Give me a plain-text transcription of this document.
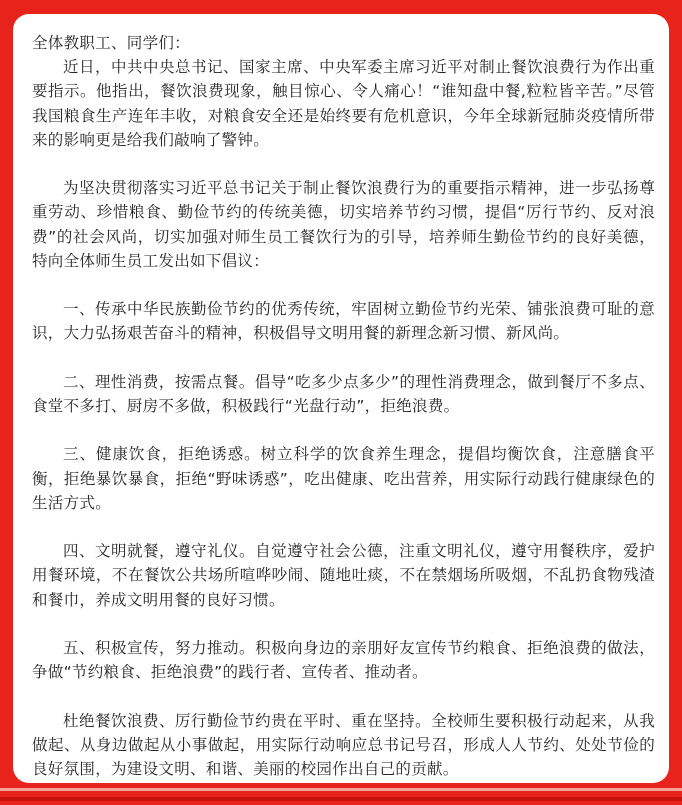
全体教职工、同学们：

近日，中共中央总书记、国家主席、中央军委主席习近平对制止餐饮浪费行为作出重要指示。他指出，餐饮浪费现象，触目惊心、令人痛心！“谁知盘中餐,粒粒皆辛苦。”尽管我国粮食生产连年丰收，对粮食安全还是始终要有危机意识，今年全球新冠肺炎疫情所带来的影响更是给我们敲响了警钟。

为坚决贯彻落实习近平总书记关于制止餐饮浪费行为的重要指示精神，进一步弘扬尊重劳动、珍惜粮食、勤俭节约的传统美德，切实培养节约习惯，提倡“厉行节约、反对浪费”的社会风尚，切实加强对师生员工餐饮行为的引导，培养师生勤俭节约的良好美德，特向全体师生员工发出如下倡议：

一、传承中华民族勤俭节约的优秀传统，牢固树立勤俭节约光荣、铺张浪费可耻的意识，大力弘扬艰苦奋斗的精神，积极倡导文明用餐的新理念新习惯、新风尚。

二、理性消费，按需点餐。倡导“吃多少点多少”的理性消费理念，做到餐厅不多点、食堂不多打、厨房不多做，积极践行“光盘行动”，拒绝浪费。

三、健康饮食，拒绝诱惑。树立科学的饮食养生理念，提倡均衡饮食，注意膳食平衡，拒绝暴饮暴食，拒绝“野味诱惑”，吃出健康、吃出营养，用实际行动践行健康绿色的生活方式。

四、文明就餐，遵守礼仪。自觉遵守社会公德，注重文明礼仪，遵守用餐秩序，爱护用餐环境，不在餐饮公共场所喧哗吵闹、随地吐痰，不在禁烟场所吸烟，不乱扔食物残渣和餐巾，养成文明用餐的良好习惯。

五、积极宣传，努力推动。积极向身边的亲朋好友宣传节约粮食、拒绝浪费的做法，争做“节约粮食、拒绝浪费”的践行者、宣传者、推动者。

杜绝餐饮浪费、厉行勤俭节约贵在平时、重在坚持。全校师生要积极行动起来，从我做起、从身边做起从小事做起，用实际行动响应总书记号召，形成人人节约、处处节俭的良好氛围，为建设文明、和谐、美丽的校园作出自己的贡献。
